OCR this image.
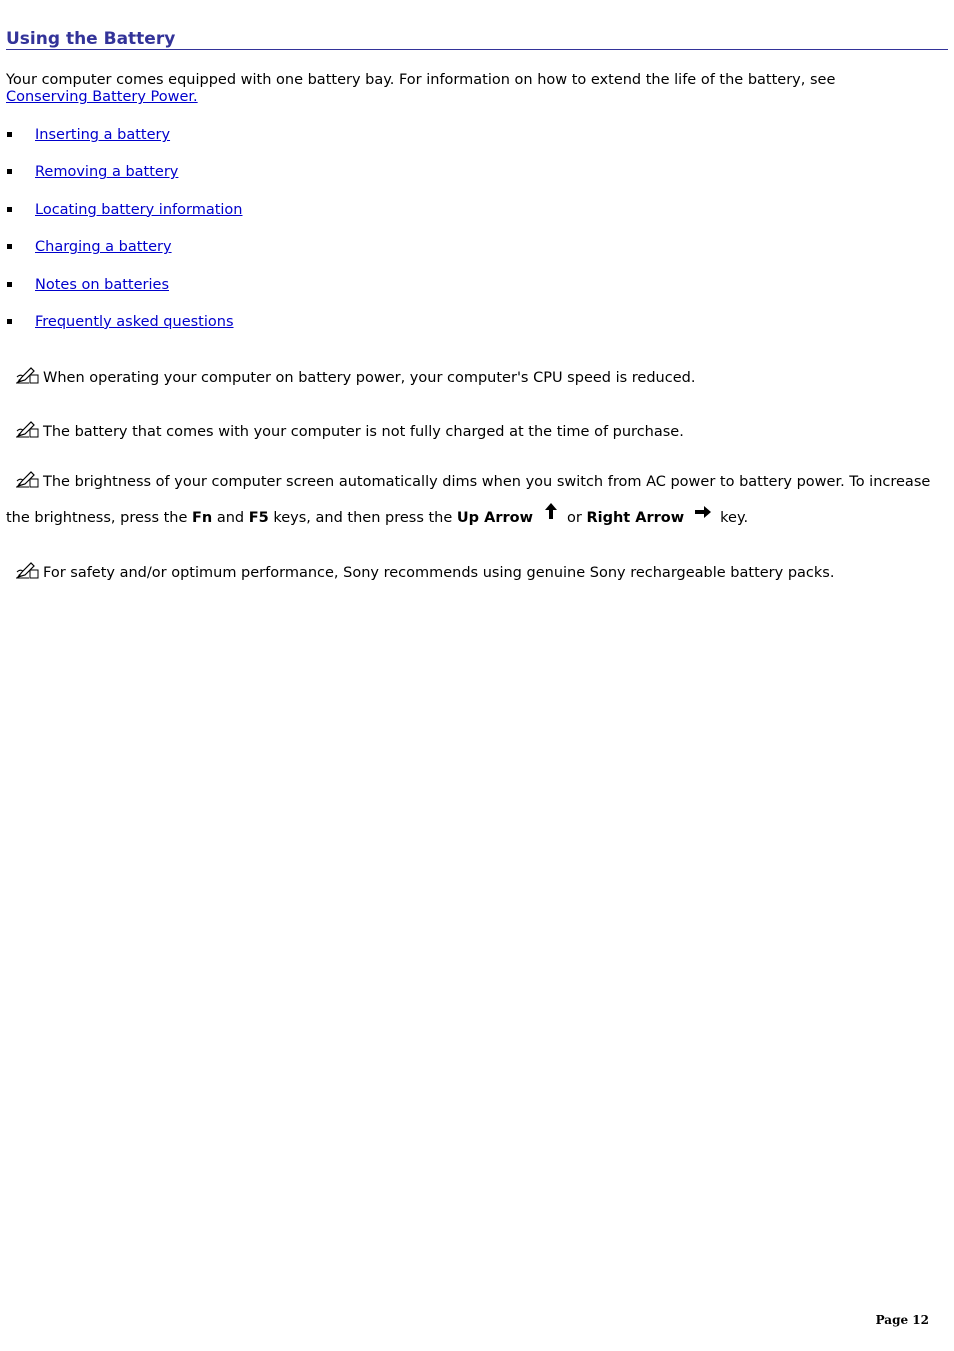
Using the Battery
Your computer comes equipped with one battery bay. For information on how to extend the life of the battery, see
Conserving Battery Power.
Inserting a battery
Removing a battery
Locating battery information
Charging a battery
Notes on batteries
Frequently asked questions
When operating your computer on battery power, your computer's CPU speed is reduced.
The battery that comes with your computer is not fully charged at the time of purchase.
The brightness of your computer screen automatically dims when you switch from AC power to battery power. To increase the brightness, press the Fn and F5 keys, and then press the Up Arrow or Right Arrow key.
For safety and/or optimum performance, Sony recommends using genuine Sony rechargeable battery packs.
Page 12
